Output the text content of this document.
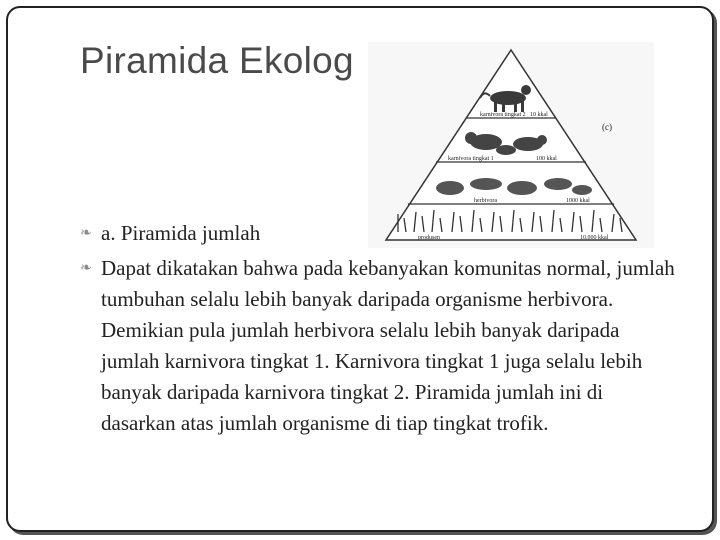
Piramida Ekolog
(c)
karnivora tingkat 2 10 kkal
karnivora tingkat 1	100 kkal
herbivora	1000 kkal
produsen	10.000 kkal
❧ a. Piramida jumlah
❧ Dapat dikatakan bahwa pada kebanyakan komunitas normal, jumlah tumbuhan selalu lebih banyak daripada organisme herbivora. Demikian pula jumlah herbivora selalu lebih banyak daripada jumlah karnivora tingkat 1. Karnivora tingkat 1 juga selalu lebih banyak daripada karnivora tingkat 2. Piramida jumlah ini di dasarkan atas jumlah organisme di tiap tingkat trofik.
